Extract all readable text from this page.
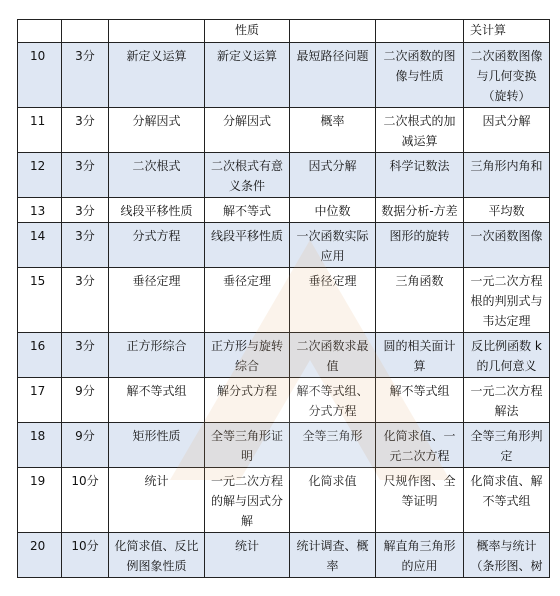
			性质			关计算
10	3分	新定义运算	新定义运算	最短路径问题	二次函数的图像与性质	二次函数图像与几何变换（旋转）
11	3分	分解因式	分解因式	概率	二次根式的加减运算	因式分解
12	3分	二次根式	二次根式有意义条件	因式分解	科学记数法	三角形内角和
13	3分	线段平移性质	解不等式	中位数	数据分析-方差	平均数
14	3分	分式方程	线段平移性质	一次函数实际应用	图形的旋转	一次函数图像
15	3分	垂径定理	垂径定理	垂径定理	三角函数	一元二次方程根的判别式与韦达定理
16	3分	正方形综合	正方形与旋转综合	二次函数求最值	圆的相关面计算	反比例函数 k 的几何意义
17	9分	解不等式组	解分式方程	解不等式组、分式方程	解不等式组	一元二次方程解法
18	9分	矩形性质	全等三角形证明	全等三角形	化简求值、一元二次方程	全等三角形判定
19	10分	统计	一元二次方程的解与因式分解	化简求值	尺规作图、全等证明	化简求值、解不等式组
20	10分	化简求值、反比例图象性质	统计	统计调查、概率	解直角三角形的应用	概率与统计（条形图、树
